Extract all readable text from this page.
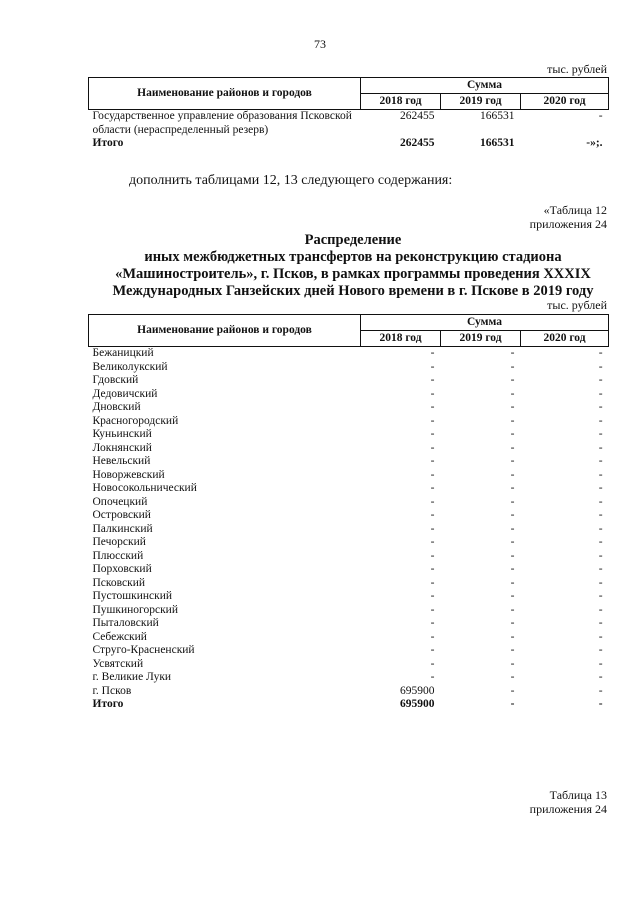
73
тыс. рублей
Наименование районов и городов	Сумма		
	2018 год	2019 год	2020 год
Государственное управление образования Псковской области (нераспределенный резерв)	262455	166531	-
Итого	262455	166531	-»;.
дополнить таблицами 12, 13 следующего содержания:
«Таблица 12
приложения 24
Распределение
иных межбюджетных трансфертов на реконструкцию стадиона
«Машиностроитель», г. Псков, в рамках программы проведения XXXIX
Международных Ганзейских дней Нового времени в г. Пскове в 2019 году
тыс. рублей
Наименование районов и городов	Сумма		
	2018 год	2019 год	2020 год
Бежаницкий	-	-	-
Великолукский	-	-	-
Гдовский	-	-	-
Дедовичский	-	-	-
Дновский	-	-	-
Красногородский	-	-	-
Куньинский	-	-	-
Локнянский	-	-	-
Невельский	-	-	-
Новоржевский	-	-	-
Новосокольнический	-	-	-
Опочецкий	-	-	-
Островский	-	-	-
Палкинский	-	-	-
Печорский	-	-	-
Плюсский	-	-	-
Порховский	-	-	-
Псковский	-	-	-
Пустошкинский	-	-	-
Пушкиногорский	-	-	-
Пыталовский	-	-	-
Себежский	-	-	-
Струго-Красненский	-	-	-
Усвятский	-	-	-
г. Великие Луки	-	-	-
г. Псков	695900	-	-
Итого	695900	-	-
Таблица 13
приложения 24
